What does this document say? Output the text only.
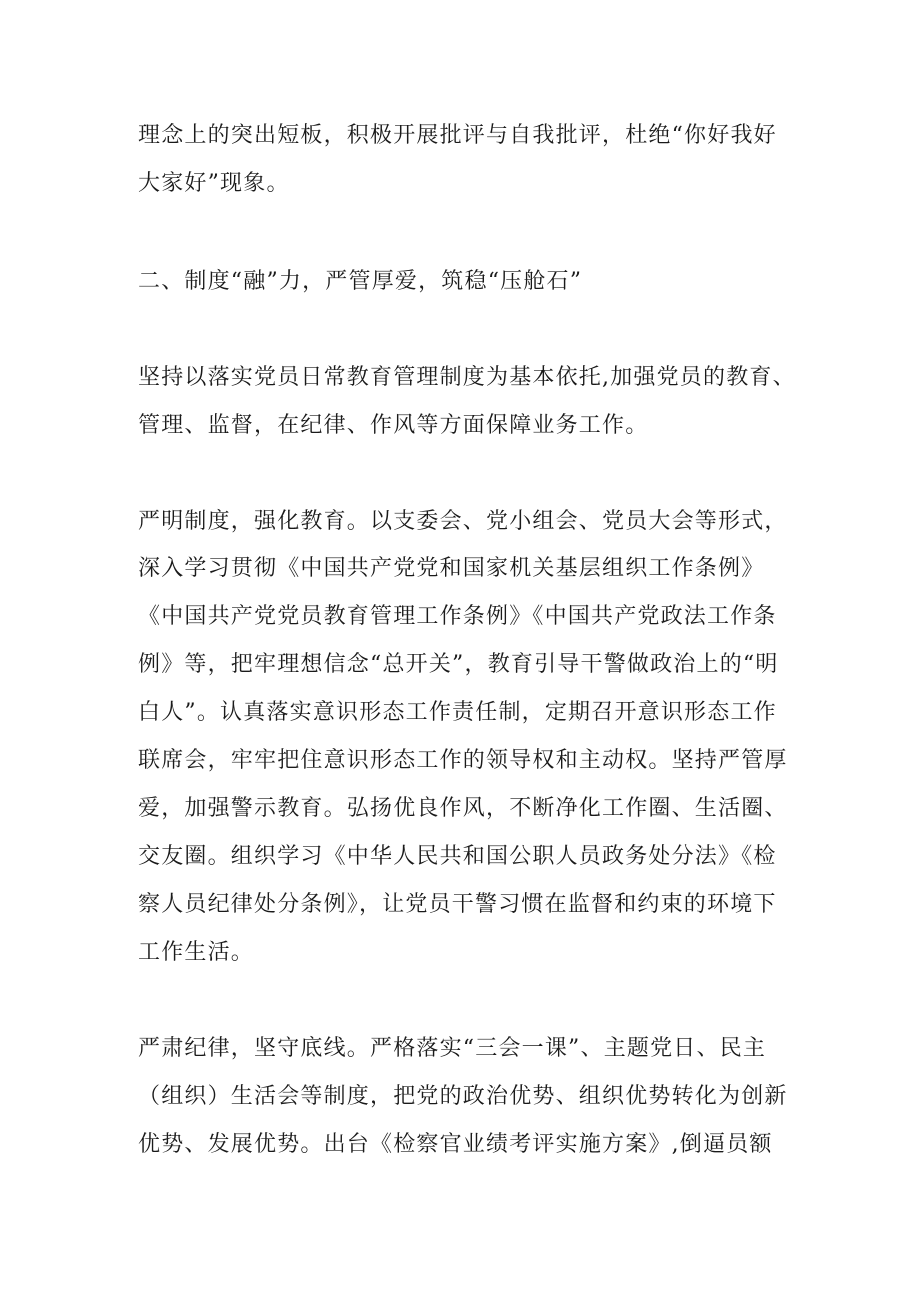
理念上的突出短板，积极开展批评与自我批评，杜绝“你好我好
大家好”现象。
二、制度“融”力，严管厚爱，筑稳“压舱石”
坚持以落实党员日常教育管理制度为基本依托,加强党员的教育、
管理、监督，在纪律、作风等方面保障业务工作。
严明制度，强化教育。以支委会、党小组会、党员大会等形式，
深入学习贯彻《中国共产党党和国家机关基层组织工作条例》
《中国共产党党员教育管理工作条例》《中国共产党政法工作条
例》等，把牢理想信念“总开关”，教育引导干警做政治上的“明
白人”。认真落实意识形态工作责任制，定期召开意识形态工作
联席会，牢牢把住意识形态工作的领导权和主动权。坚持严管厚
爱，加强警示教育。弘扬优良作风，不断净化工作圈、生活圈、
交友圈。组织学习《中华人民共和国公职人员政务处分法》《检
察人员纪律处分条例》，让党员干警习惯在监督和约束的环境下
工作生活。
严肃纪律，坚守底线。严格落实“三会一课”、主题党日、民主
（组织）生活会等制度，把党的政治优势、组织优势转化为创新
优势、发展优势。出台《检察官业绩考评实施方案》,倒逼员额
